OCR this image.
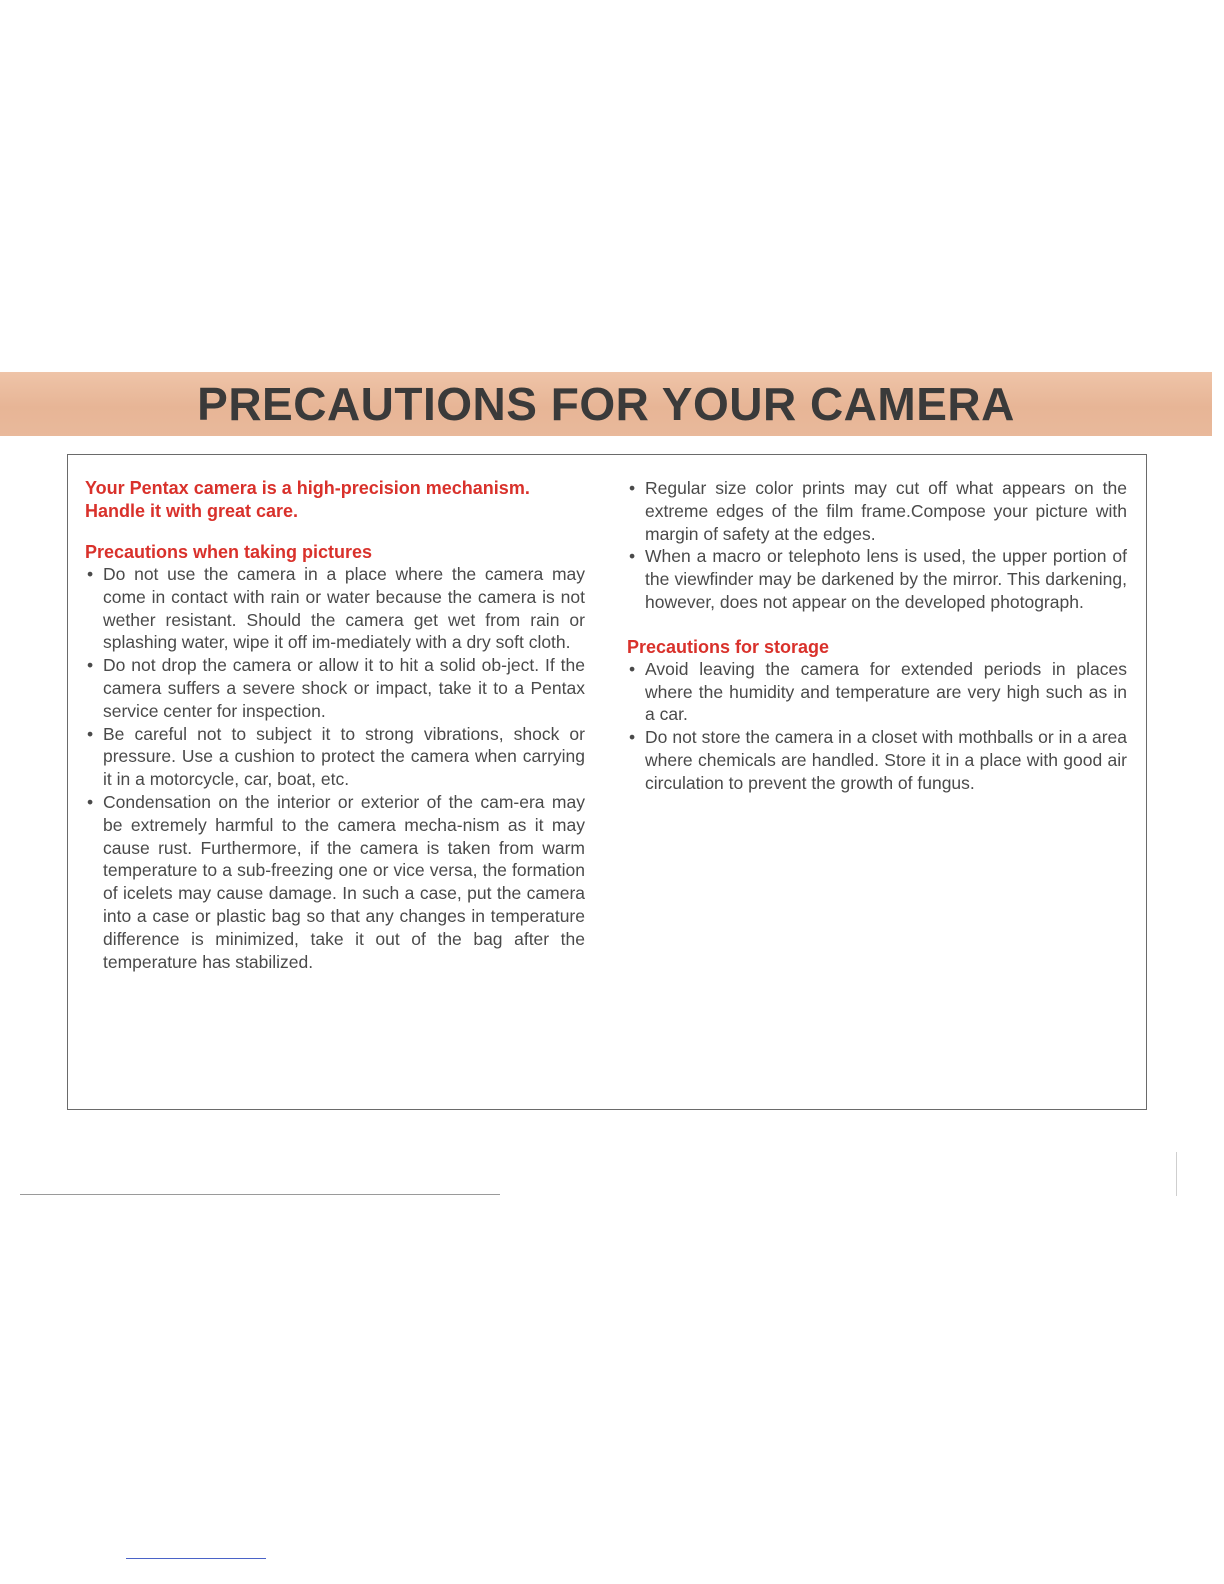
PRECAUTIONS FOR YOUR CAMERA

Your Pentax camera is a high-precision mechanism.
Handle it with great care.

Precautions when taking pictures

• Do not use the camera in a place where the camera may come in contact with rain or water because the camera is not wether resistant. Should the camera get wet from rain or splashing water, wipe it off im-mediately with a dry soft cloth.
• Do not drop the camera or allow it to hit a solid ob-ject. If the camera suffers a severe shock or impact, take it to a Pentax service center for inspection.
• Be careful not to subject it to strong vibrations, shock or pressure. Use a cushion to protect the camera when carrying it in a motorcycle, car, boat, etc.
• Condensation on the interior or exterior of the cam-era may be extremely harmful to the camera mecha-nism as it may cause rust. Furthermore, if the camera is taken from warm temperature to a sub-freezing one or vice versa, the formation of icelets may cause damage. In such a case, put the camera into a case or plastic bag so that any changes in temperature difference is minimized, take it out of the bag after the temperature has stabilized.
• Regular size color prints may cut off what appears on the extreme edges of the film frame.Compose your picture with margin of safety at the edges.
• When a macro or telephoto lens is used, the upper portion of the viewfinder may be darkened by the mirror. This darkening, however, does not appear on the developed photograph.

Precautions for storage

• Avoid leaving the camera for extended periods in places where the humidity and temperature are very high such as in a car.
• Do not store the camera in a closet with mothballs or in a area where chemicals are handled. Store it in a place with good air circulation to prevent the growth of fungus.
